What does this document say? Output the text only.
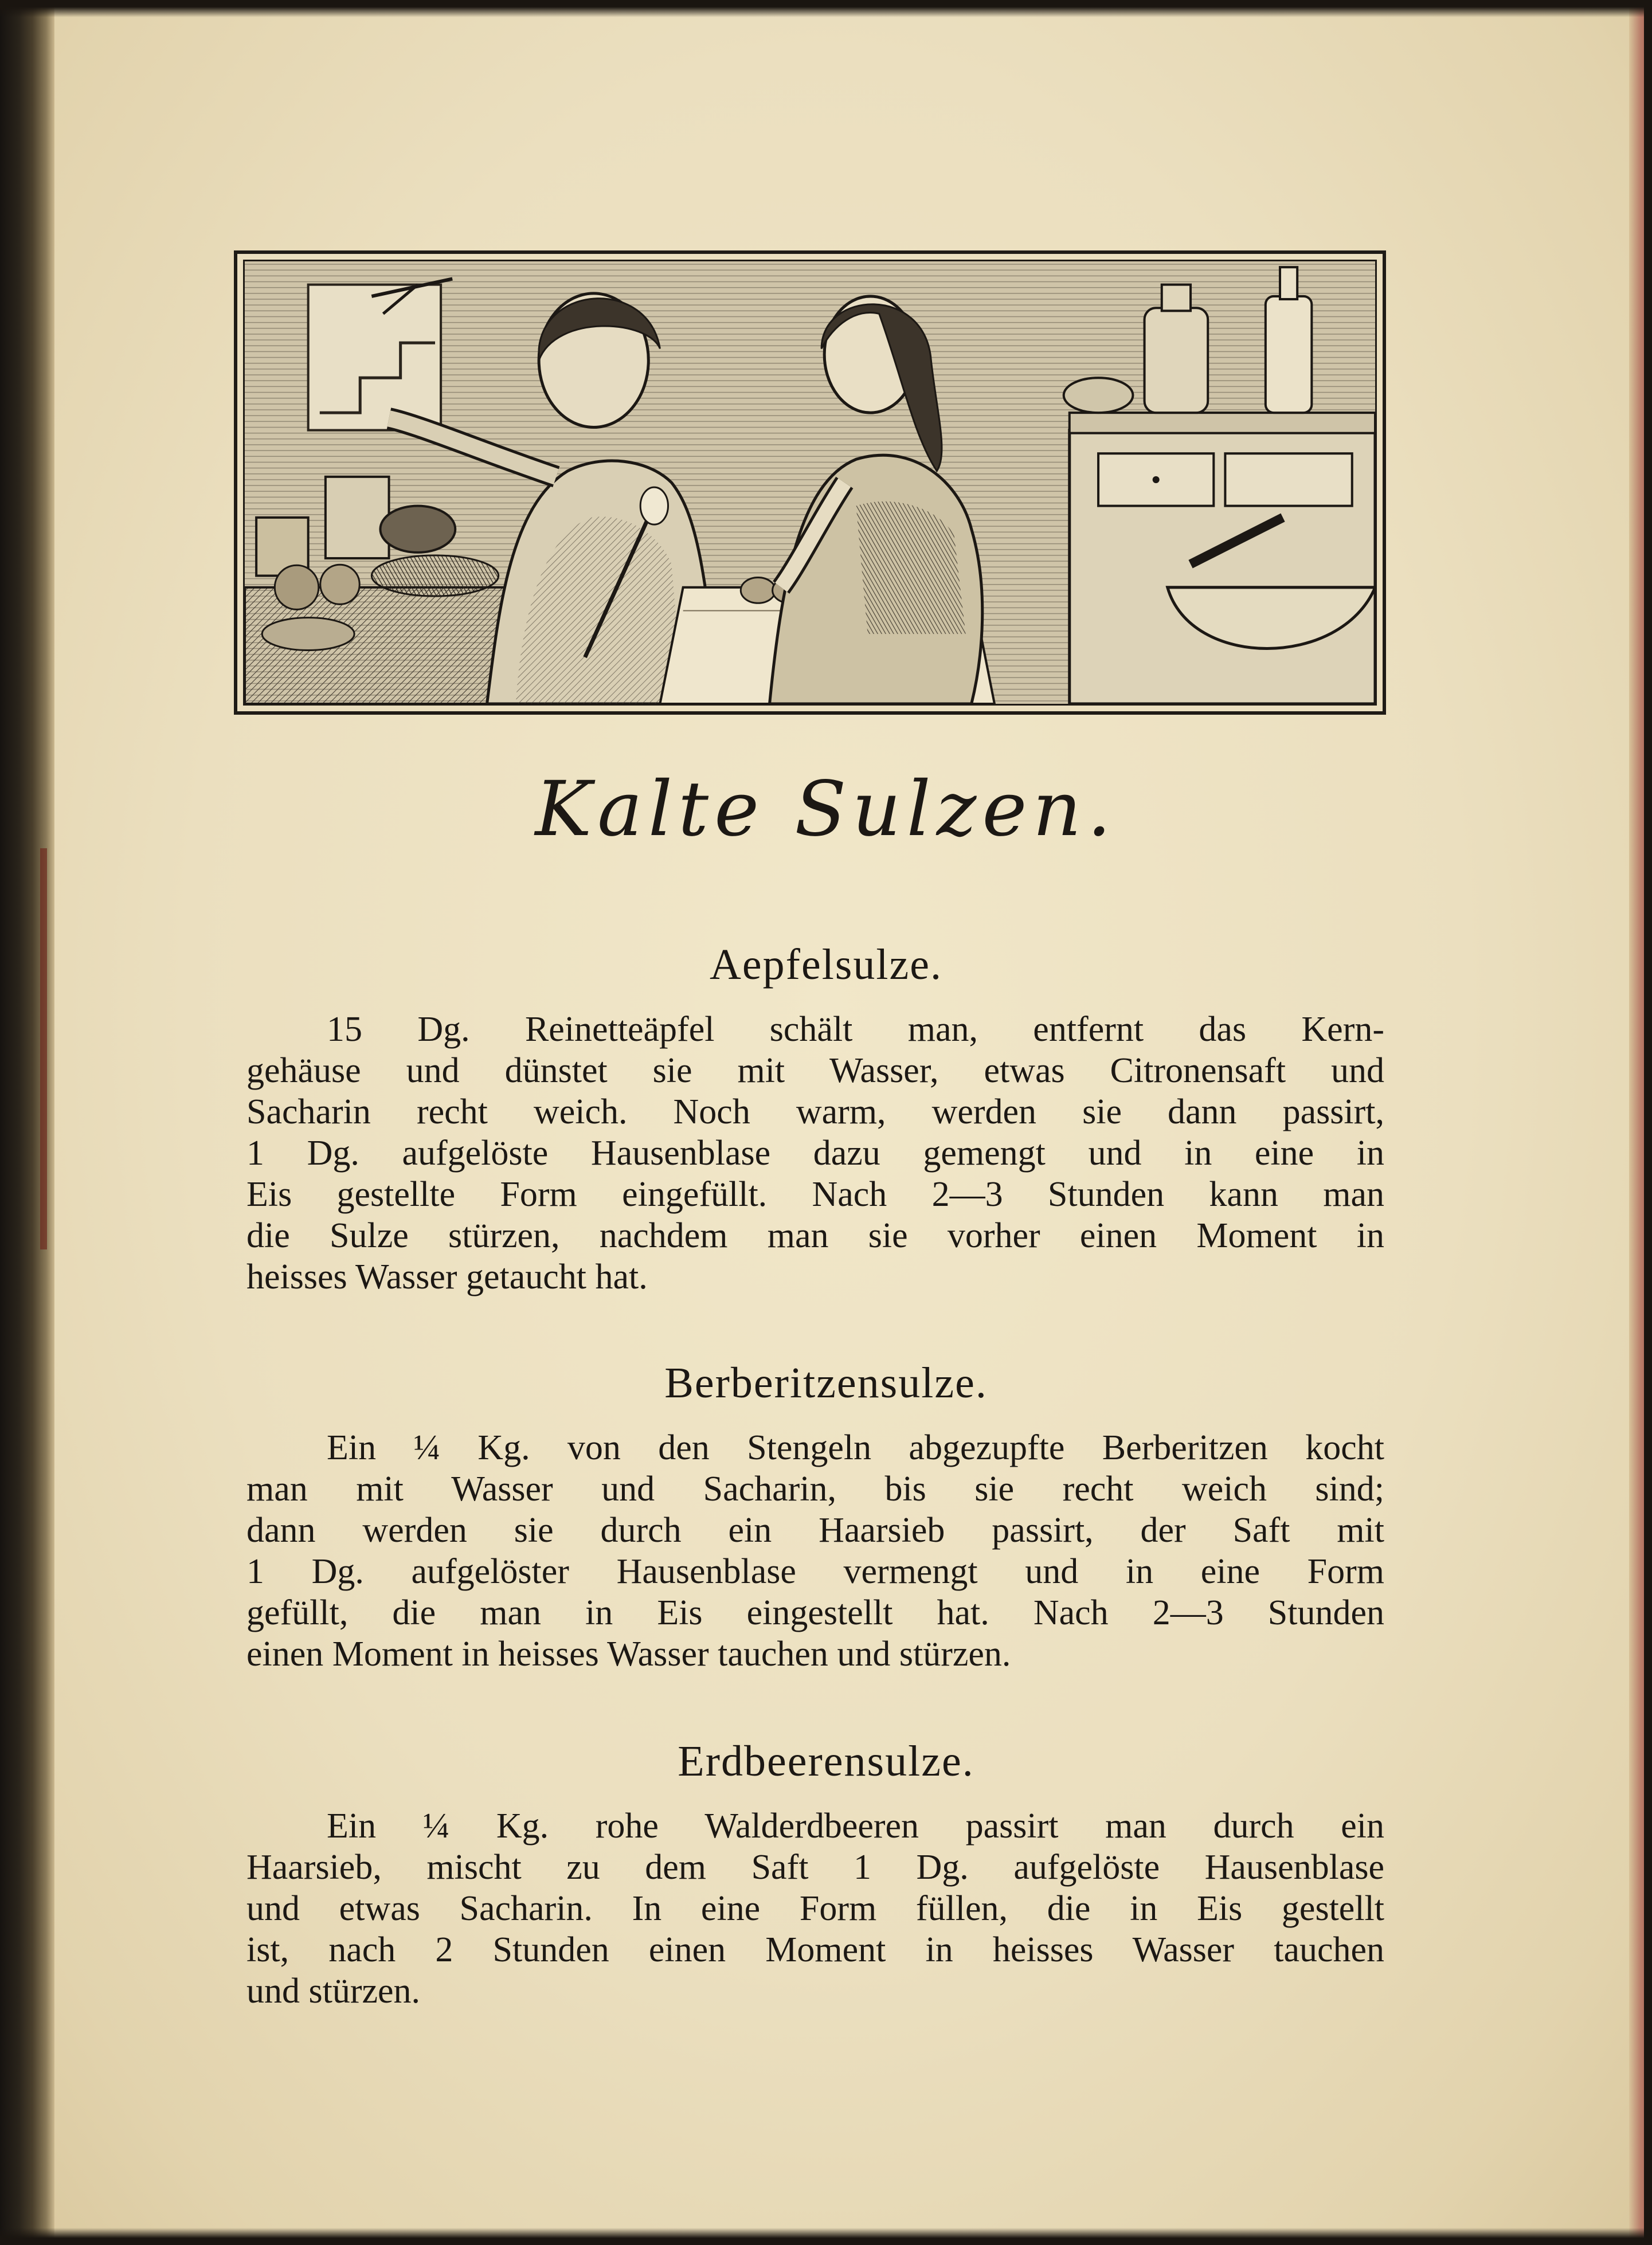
Kalte Sulzen.
Aepfelsulze.
15 Dg. Reinetteäpfel schält man, entfernt das Kern-
gehäuse und dünstet sie mit Wasser, etwas Citronensaft und
Sacharin recht weich. Noch warm, werden sie dann passirt,
1 Dg. aufgelöste Hausenblase dazu gemengt und in eine in
Eis gestellte Form eingefüllt. Nach 2—3 Stunden kann man
die Sulze stürzen, nachdem man sie vorher einen Moment in
heisses Wasser getaucht hat.
Berberitzensulze.
Ein ¼ Kg. von den Stengeln abgezupfte Berberitzen kocht
man mit Wasser und Sacharin, bis sie recht weich sind;
dann werden sie durch ein Haarsieb passirt, der Saft mit
1 Dg. aufgelöster Hausenblase vermengt und in eine Form
gefüllt, die man in Eis eingestellt hat. Nach 2—3 Stunden
einen Moment in heisses Wasser tauchen und stürzen.
Erdbeerensulze.
Ein ¼ Kg. rohe Walderdbeeren passirt man durch ein
Haarsieb, mischt zu dem Saft 1 Dg. aufgelöste Hausenblase
und etwas Sacharin. In eine Form füllen, die in Eis gestellt
ist, nach 2 Stunden einen Moment in heisses Wasser tauchen
und stürzen.
